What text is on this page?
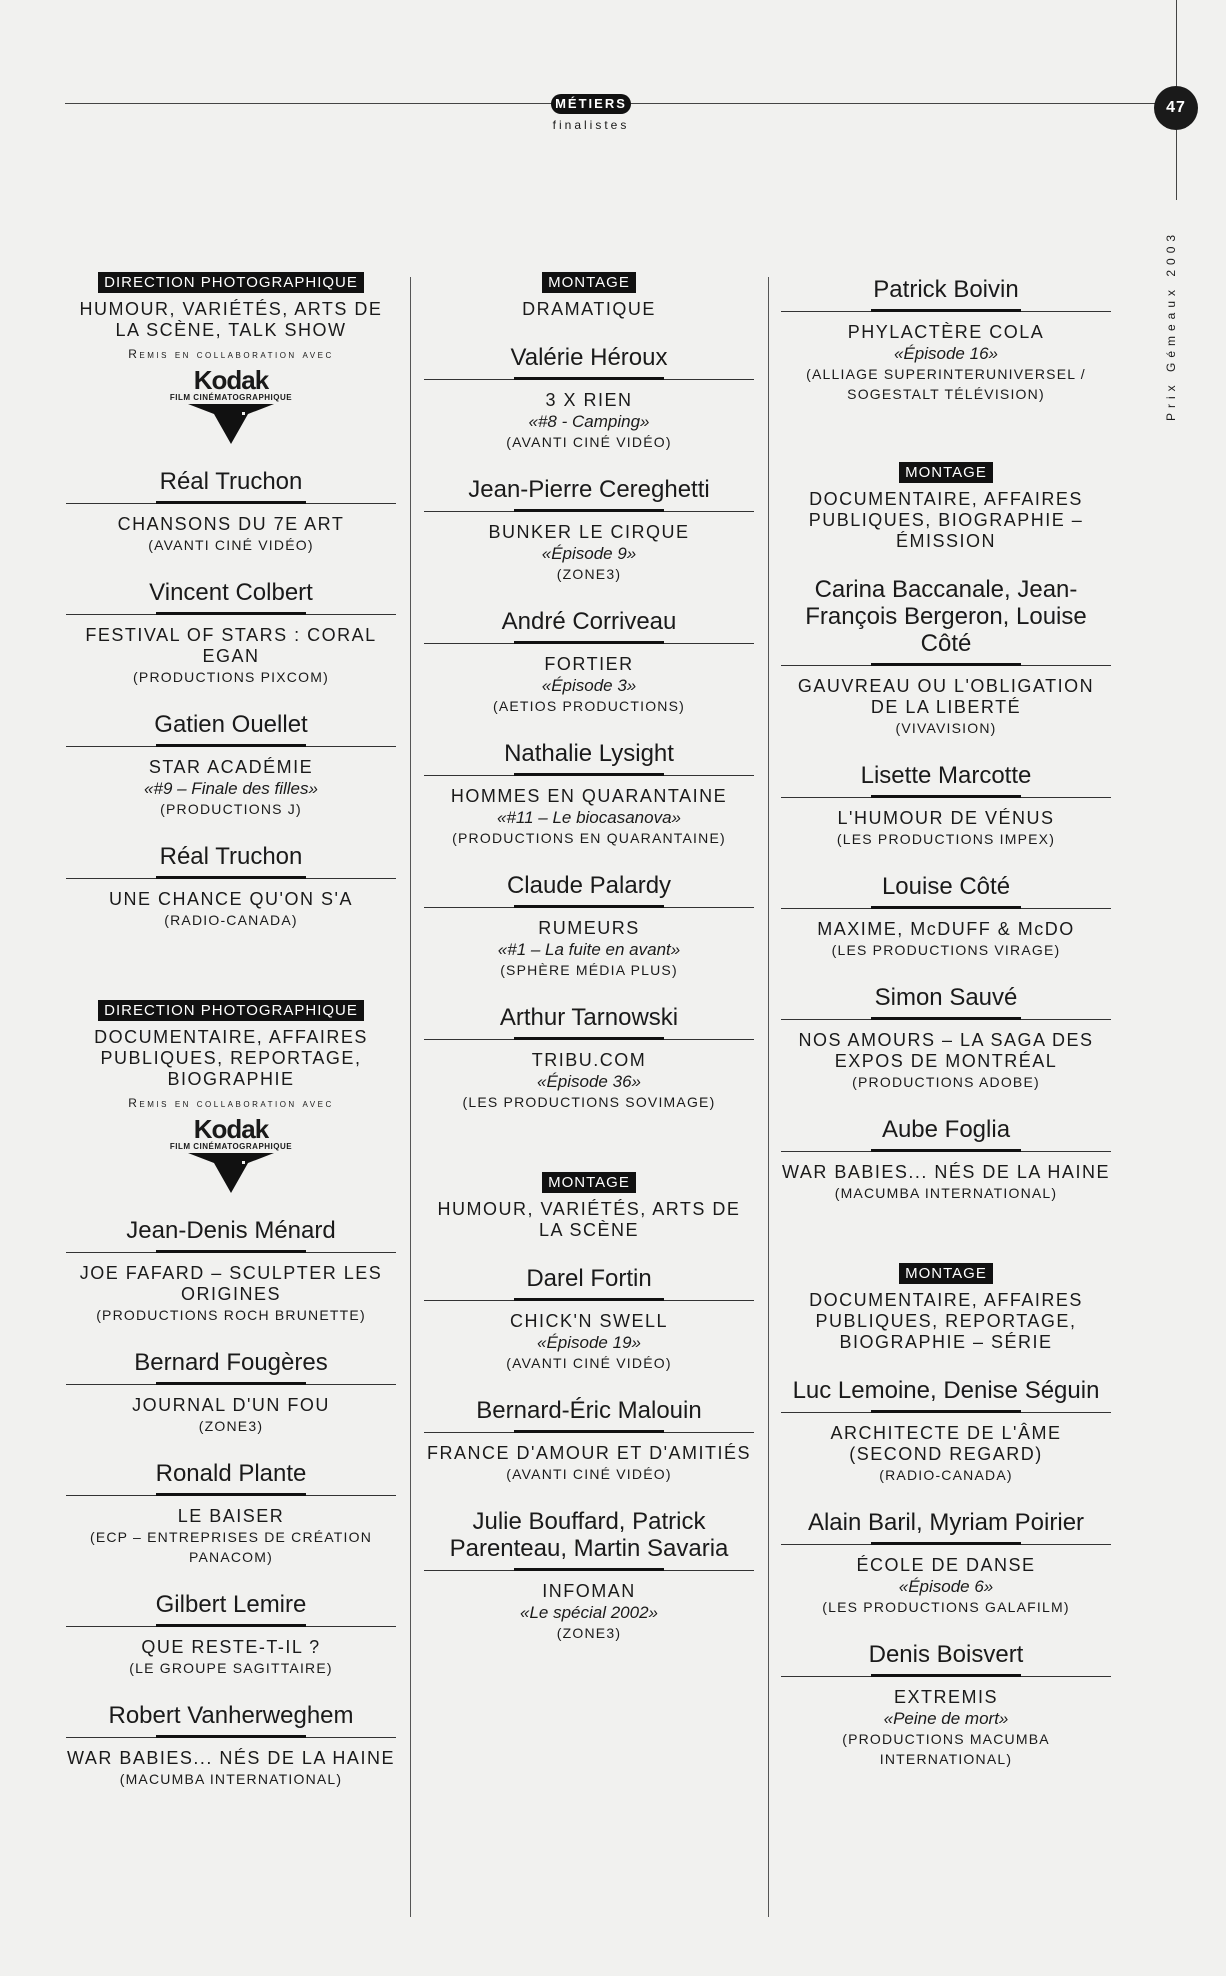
MÉTIERS
finalistes
47
Prix Gémeaux 2003
DIRECTION PHOTOGRAPHIQUE

HUMOUR, VARIÉTÉS, ARTS DE LA SCÈNE, TALK SHOW
Remis en collaboration avec
Kodak
FILM CINÉMATOGRAPHIQUE
Réal Truchon
CHANSONS DU 7E ART
(AVANTI CINÉ VIDÉO)
Vincent Colbert
FESTIVAL OF STARS : CORAL EGAN
(PRODUCTIONS PIXCOM)
Gatien Ouellet
STAR ACADÉMIE
«#9 – Finale des filles»
(PRODUCTIONS J)
Réal Truchon
UNE CHANCE QU'ON S'A
(RADIO-CANADA)
DIRECTION PHOTOGRAPHIQUE

DOCUMENTAIRE, AFFAIRES PUBLIQUES, REPORTAGE, BIOGRAPHIE
Remis en collaboration avec
Kodak
FILM CINÉMATOGRAPHIQUE
Jean-Denis Ménard
JOE FAFARD – SCULPTER LES ORIGINES
(PRODUCTIONS ROCH BRUNETTE)
Bernard Fougères
JOURNAL D'UN FOU
(ZONE3)
Ronald Plante
LE BAISER
(ECP – ENTREPRISES DE CRÉATION PANACOM)
Gilbert Lemire
QUE RESTE-T-IL ?
(LE GROUPE SAGITTAIRE)
Robert Vanherweghem
WAR BABIES... NÉS DE LA HAINE
(MACUMBA INTERNATIONAL)
MONTAGE

DRAMATIQUE
Valérie Héroux
3 X RIEN
«#8 - Camping»
(AVANTI CINÉ VIDÉO)
Jean-Pierre Cereghetti
BUNKER LE CIRQUE
«Épisode 9»
(ZONE3)
André Corriveau
FORTIER
«Épisode 3»
(AETIOS PRODUCTIONS)
Nathalie Lysight
HOMMES EN QUARANTAINE
«#11 – Le biocasanova»
(PRODUCTIONS EN QUARANTAINE)
Claude Palardy
RUMEURS
«#1 – La fuite en avant»
(SPHÈRE MÉDIA PLUS)
Arthur Tarnowski
TRIBU.COM
«Épisode 36»
(LES PRODUCTIONS SOVIMAGE)
MONTAGE

HUMOUR, VARIÉTÉS, ARTS DE LA SCÈNE
Darel Fortin
CHICK'N SWELL
«Épisode 19»
(AVANTI CINÉ VIDÉO)
Bernard-Éric Malouin
FRANCE D'AMOUR ET D'AMITIÉS
(AVANTI CINÉ VIDÉO)
Julie Bouffard, Patrick Parenteau, Martin Savaria
INFOMAN
«Le spécial 2002»
(ZONE3)
Patrick Boivin
PHYLACTÈRE COLA
«Épisode 16»
(ALLIAGE SUPERINTERUNIVERSEL / SOGESTALT TÉLÉVISION)
MONTAGE

DOCUMENTAIRE, AFFAIRES PUBLIQUES, BIOGRAPHIE – ÉMISSION
Carina Baccanale, Jean-François Bergeron, Louise Côté
GAUVREAU OU L'OBLIGATION DE LA LIBERTÉ
(VIVAVISION)
Lisette Marcotte
L'HUMOUR DE VÉNUS
(LES PRODUCTIONS IMPEX)
Louise Côté
MAXIME, McDUFF & McDO
(LES PRODUCTIONS VIRAGE)
Simon Sauvé
NOS AMOURS – LA SAGA DES EXPOS DE MONTRÉAL
(PRODUCTIONS ADOBE)
Aube Foglia
WAR BABIES... NÉS DE LA HAINE
(MACUMBA INTERNATIONAL)
MONTAGE

DOCUMENTAIRE, AFFAIRES PUBLIQUES, REPORTAGE, BIOGRAPHIE – SÉRIE
Luc Lemoine, Denise Séguin
ARCHITECTE DE L'ÂME (SECOND REGARD)
(RADIO-CANADA)
Alain Baril, Myriam Poirier
ÉCOLE DE DANSE
«Épisode 6»
(LES PRODUCTIONS GALAFILM)
Denis Boisvert
EXTREMIS
«Peine de mort»
(PRODUCTIONS MACUMBA INTERNATIONAL)
